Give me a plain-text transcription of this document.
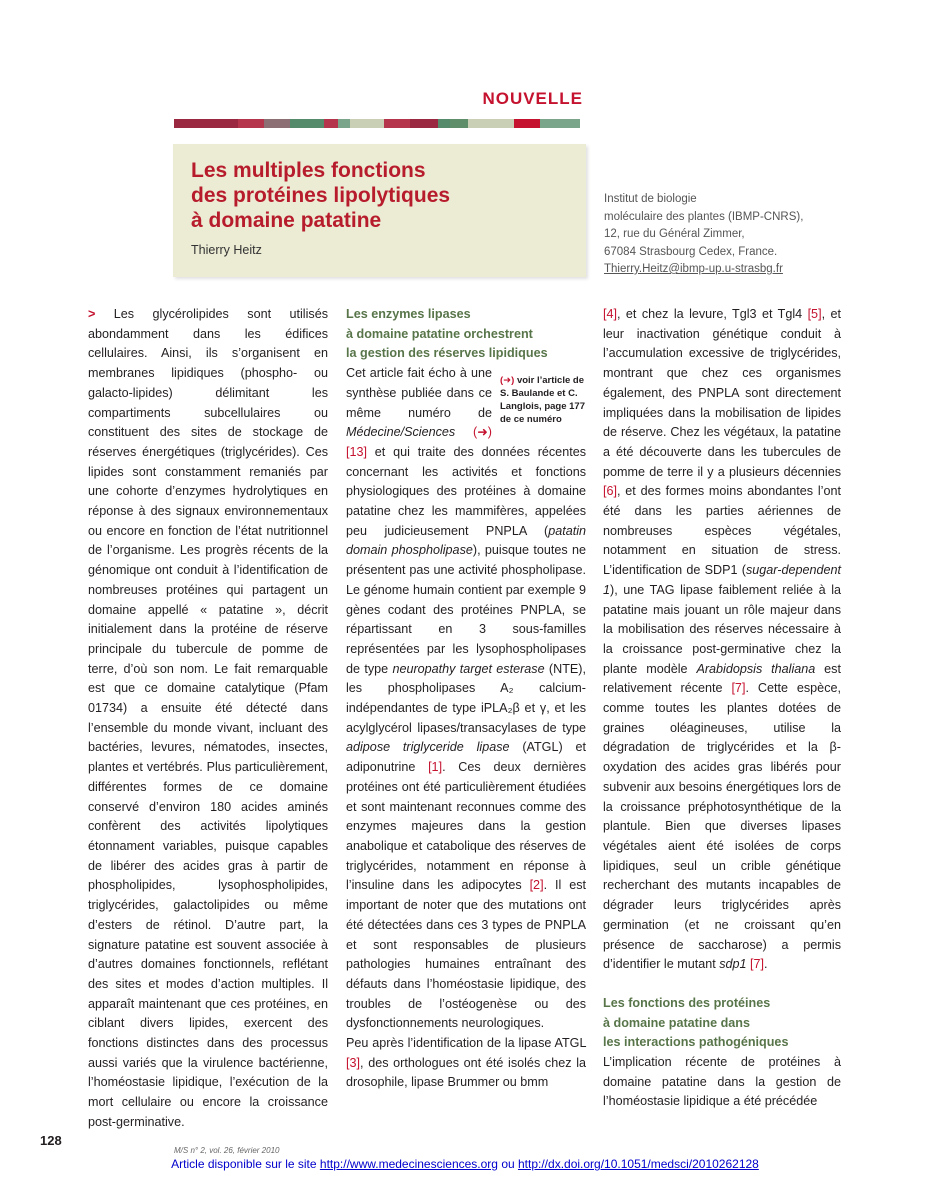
NOUVELLE
Les multiples fonctions
des protéines lipolytiques
à domaine patatine
Thierry Heitz
Institut de biologie
moléculaire des plantes (IBMP-CNRS),
12, rue du Général Zimmer,
67084 Strasbourg Cedex, France.
Thierry.Heitz@ibmp-up.u-strasbg.fr

> Les glycérolipides sont utilisés abondamment dans les édifices cellulaires. Ainsi, ils s’organisent en membranes lipidiques (phospho- ou galacto-lipides) délimitant les compartiments subcellulaires ou constituent des sites de stockage de réserves énergétiques (triglycérides). Ces lipides sont constamment remaniés par une cohorte d’enzymes hydrolytiques en réponse à des signaux environnementaux ou encore en fonction de l’état nutritionnel de l’organisme. Les progrès récents de la génomique ont conduit à l’identification de nombreuses protéines qui partagent un domaine appellé « patatine », décrit initialement dans la protéine de réserve principale du tubercule de pomme de terre, d’où son nom. Le fait remarquable est que ce domaine catalytique (Pfam 01734) a ensuite été détecté dans l’ensemble du monde vivant, incluant des bactéries, levures, nématodes, insectes, plantes et vertébrés. Plus particulièrement, différentes formes de ce domaine conservé d’environ 180 acides aminés confèrent des activités lipolytiques étonnament variables, puisque capables de libérer des acides gras à partir de phospholipides, lysophospholipides, triglycérides, galactolipides ou même d’esters de rétinol. D’autre part, la signature patatine est souvent associée à d’autres domaines fonctionnels, reflétant des sites et modes d’action multiples. Il apparaît maintenant que ces protéines, en ciblant divers lipides, exercent des fonctions distinctes dans des processus aussi variés que la virulence bactérienne, l’homéostasie lipidique, l’exécution de la mort cellulaire ou encore la croissance post-germinative.

Les enzymes lipases
à domaine patatine orchestrent
la gestion des réserves lipidiques
(➜) voir l’article de S. Baulande et C. Langlois, page 177 de ce numéro

Cet article fait écho à une synthèse publiée dans ce même numéro de Médecine/Sciences (➜) [13] et qui traite des données récentes concernant les activités et fonctions physiologiques des protéines à domaine patatine chez les mammifères, appelées peu judicieusement PNPLA (patatin domain phospholipase), puisque toutes ne présentent pas une activité phospholipase. Le génome humain contient par exemple 9 gènes codant des protéines PNPLA, se répartissant en 3 sous-familles représentées par les lysophospholipases de type neuropathy target esterase (NTE), les phospholipases A₂ calcium-indépendantes de type iPLA₂β et γ, et les acylglycérol lipases/transacylases de type adipose triglyceride lipase (ATGL) et adiponutrine [1]. Ces deux dernières protéines ont été particulièrement étudiées et sont maintenant reconnues comme des enzymes majeures dans la gestion anabolique et catabolique des réserves de triglycérides, notamment en réponse à l’insuline dans les adipocytes [2]. Il est important de noter que des mutations ont été détectées dans ces 3 types de PNPLA et sont responsables de plusieurs pathologies humaines entraînant des défauts dans l’homéostasie lipidique, des troubles de l’ostéogenèse ou des dysfonctionnements neurologiques.

Peu après l’identification de la lipase ATGL [3], des orthologues ont été isolés chez la drosophile, lipase Brummer ou bmm

[4], et chez la levure, Tgl3 et Tgl4 [5], et leur inactivation génétique conduit à l’accumulation excessive de triglycérides, montrant que chez ces organismes également, des PNPLA sont directement impliquées dans la mobilisation de lipides de réserve. Chez les végétaux, la patatine a été découverte dans les tubercules de pomme de terre il y a plusieurs décennies [6], et des formes moins abondantes l’ont été dans les parties aériennes de nombreuses espèces végétales, notamment en situation de stress. L’identification de SDP1 (sugar-dependent 1), une TAG lipase faiblement reliée à la patatine mais jouant un rôle majeur dans la mobilisation des réserves nécessaire à la croissance post-germinative chez la plante modèle Arabidopsis thaliana est relativement récente [7]. Cette espèce, comme toutes les plantes dotées de graines oléagineuses, utilise la dégradation de triglycérides et la β-oxydation des acides gras libérés pour subvenir aux besoins énergétiques lors de la croissance préphotosynthétique de la plantule. Bien que diverses lipases végétales aient été isolées de corps lipidiques, seul un crible génétique recherchant des mutants incapables de dégrader leurs triglycérides après germination (et ne croissant qu’en présence de saccharose) a permis d’identifier le mutant sdp1 [7].

Les fonctions des protéines
à domaine patatine dans
les interactions pathogéniques

L’implication récente de protéines à domaine patatine dans la gestion de l’homéostasie lipidique a été précédée

128
M/S n° 2, vol. 26, février 2010
Article disponible sur le site http://www.medecinesciences.org ou http://dx.doi.org/10.1051/medsci/2010262128
